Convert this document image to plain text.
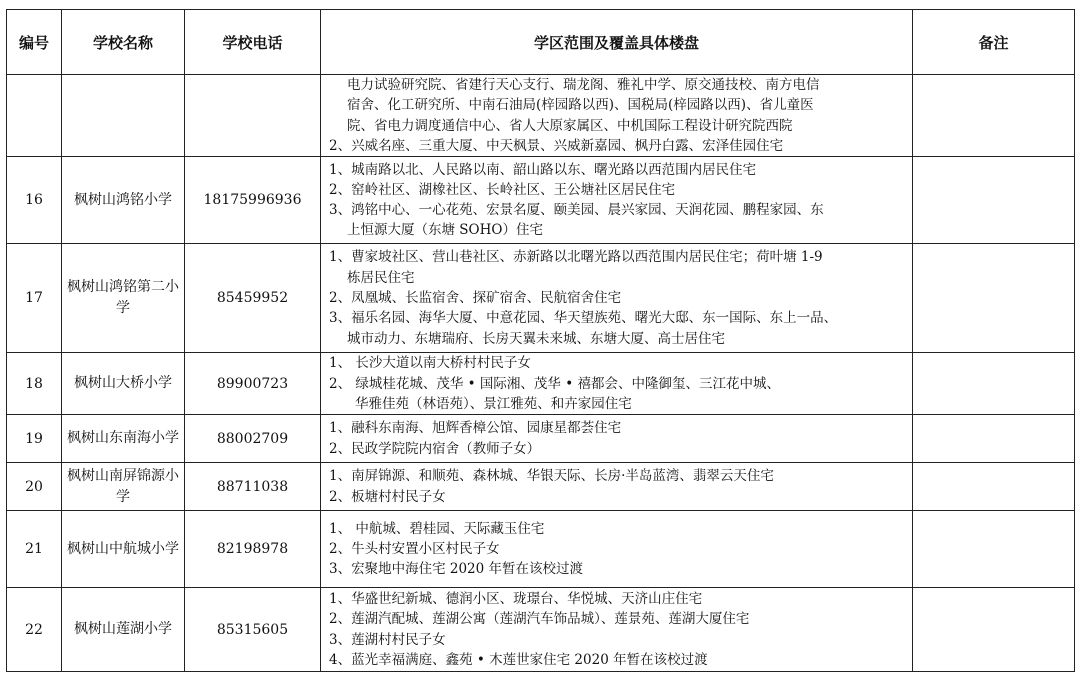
编号	学校名称	学校电话	学区范围及覆盖具体楼盘	备注

			电力试验研究院、省建行天心支行、瑞龙阁、雅礼中学、原交通技校、南方电信
宿舍、化工研究所、中南石油局(梓园路以西)、国税局(梓园路以西)、省儿童医
院、省电力调度通信中心、省人大原家属区、中机国际工程设计研究院西院
2、兴威名座、三重大厦、中天枫景、兴威新嘉园、枫丹白露、宏泽佳园住宅	

16	枫树山鸿铭小学	18175996936	1、城南路以北、人民路以南、韶山路以东、曙光路以西范围内居民住宅
2、窑岭社区、湖橡社区、长岭社区、王公塘社区居民住宅
3、鸿铭中心、一心花苑、宏景名厦、颐美园、晨兴家园、天润花园、鹏程家园、东
上恒源大厦（东塘 SOHO）住宅	

17	枫树山鸿铭第二小学	85459952	1、曹家坡社区、营山巷社区、赤新路以北曙光路以西范围内居民住宅；荷叶塘 1-9
栋居民住宅
2、凤凰城、长监宿舍、探矿宿舍、民航宿舍住宅
3、福乐名园、海华大厦、中意花园、华天望族苑、曙光大邸、东一国际、东上一品、
城市动力、东塘瑞府、长房天翼未来城、东塘大厦、高士居住宅	

18	枫树山大桥小学	89900723	1、 长沙大道以南大桥村村民子女
2、 绿城桂花城、茂华 • 国际湘、茂华 • 禧都会、中隆御玺、三江花中城、
华雅佳苑（林语苑）、景江雅苑、和卉家园住宅	

19	枫树山东南海小学	88002709	1、融科东南海、旭辉香樟公馆、园康星都荟住宅
2、民政学院院内宿舍（教师子女）	

20	枫树山南屏锦源小学	88711038	1、南屏锦源、和顺苑、森林城、华银天际、长房·半岛蓝湾、翡翠云天住宅
2、板塘村村民子女	

21	枫树山中航城小学	82198978	1、 中航城、碧桂园、天际藏玉住宅
2、牛头村安置小区村民子女
3、宏聚地中海住宅 2020 年暂在该校过渡	

22	枫树山莲湖小学	85315605	1、华盛世纪新城、德润小区、珑璟台、华悦城、天济山庄住宅
2、莲湖汽配城、莲湖公寓（莲湖汽车饰品城）、莲景苑、莲湖大厦住宅
3、莲湖村村民子女
4、蓝光幸福满庭、鑫苑 • 木莲世家住宅 2020 年暂在该校过渡	
